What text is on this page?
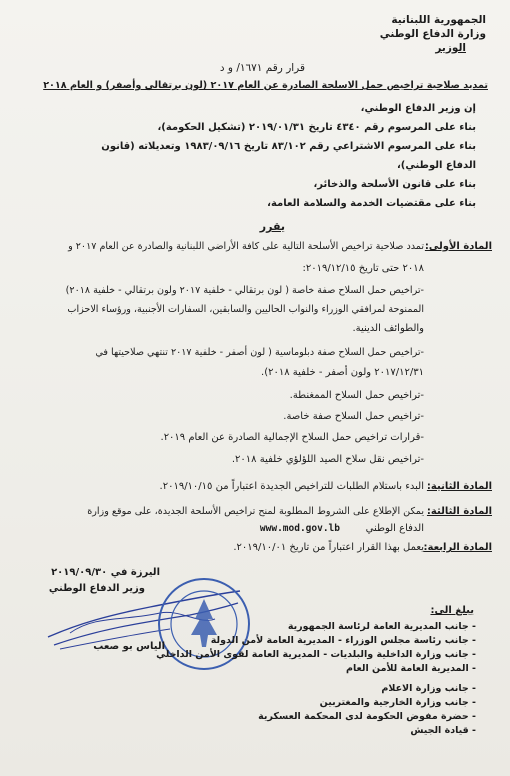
الجمهورية اللبنانية
وزارة الدفاع الوطني
الوزير
قرار رقم ١٦٧١/ و د
تمديد صلاحية تراخيص حمل الاسلحة الصادرة عن العام ٢٠١٧ (لون برتقالي وأصفر) و العام ٢٠١٨
إن وزير الدفاع الوطني،
بناء على المرسوم رقم ٤٣٤٠ تاريخ ٢٠١٩/٠١/٣١ (تشكيل الحكومة)،
بناء على المرسوم الاشتراعي رقم ٨٣/١٠٢ تاريخ ١٩٨٣/٠٩/١٦ وتعديلاته (قانون
الدفاع الوطني)،
بناء على قانون الأسلحة والذخائر،
بناء على مقتضيات الخدمة والسلامة العامة،
يقرر
المادة الأولى:
تمدد صلاحية تراخيص الأسلحة التالية على كافة الأراضي اللبنانية والصادرة عن العام ٢٠١٧ و
٢٠١٨ حتى تاريخ ٢٠١٩/١٢/١٥:
-تراخيص حمل السلاح صفة خاصة ( لون برتقالي - خلفية ٢٠١٧ ولون برتقالي - خلفية ٢٠١٨)
الممنوحة لمرافقي الوزراء والنواب الحاليين والسابقين، السفارات الأجنبية، ورؤساء الاحزاب
والطوائف الدينية.
-تراخيص حمل السلاح صفة دبلوماسية ( لون أصفر - خلفية ٢٠١٧ تنتهي صلاحيتها في
٢٠١٧/١٢/٣١ ولون أصفر - خلفية ٢٠١٨).
-تراخيص حمل السلاح الممغنطة.
-تراخيص حمل السلاح صفة خاصة.
-قرارات تراخيص حمل السلاح الإجمالية الصادرة عن العام ٢٠١٩.
-تراخيص نقل سلاح الصيد اللؤلؤي خلفية ٢٠١٨.
المادة الثانية:
البدء باستلام الطلبات للتراخيص الجديدة اعتباراً من ٢٠١٩/١٠/١٥.
المادة الثالثة:
يمكن الإطلاع على الشروط المطلوبة لمنح تراخيص الأسلحة الجديدة، على موقع وزارة
الدفاع الوطني
www.mod.gov.lb
المادة الرابعة:
يعمل بهذا القرار اعتباراً من تاريخ ٢٠١٩/١٠/٠١.
اليرزة في ٢٠١٩/٠٩/٣٠
وزير الدفاع الوطني
الياس بو صعب
يبلغ الى:
- جانب المديرية العامة لرئاسة الجمهورية
- جانب رئاسة مجلس الوزراء - المديرية العامة لأمن الدولة
- جانب وزارة الداخلية والبلديات - المديرية العامة لقوى الأمن الداخلي
- المديرية العامة للأمن العام
- جانب وزارة الاعلام
- جانب وزارة الخارجية والمغتربين
- حضرة مفوض الحكومة لدى المحكمة العسكرية
- قيادة الجيش
